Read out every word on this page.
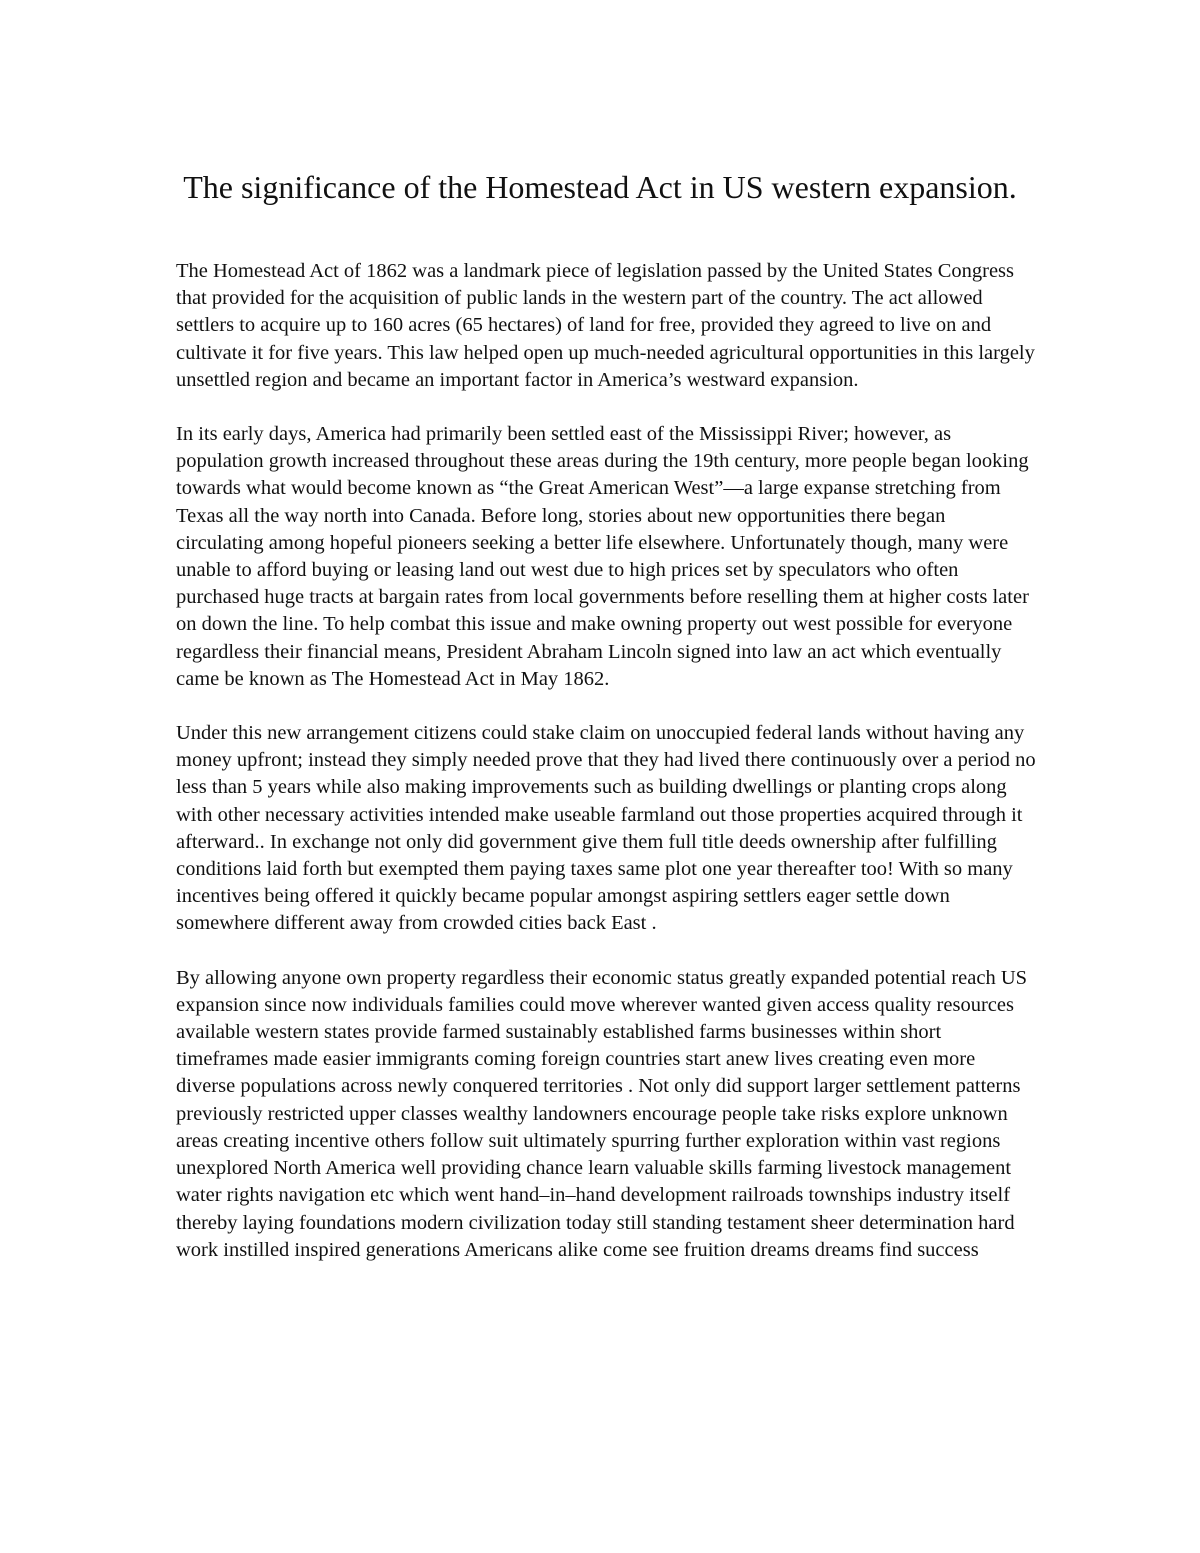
The significance of the Homestead Act in US western expansion.

The Homestead Act of 1862 was a landmark piece of legislation passed by the United States Congress that provided for the acquisition of public lands in the western part of the country. The act allowed settlers to acquire up to 160 acres (65 hectares) of land for free, provided they agreed to live on and cultivate it for five years. This law helped open up much-needed agricultural opportunities in this largely unsettled region and became an important factor in America’s westward expansion.

In its early days, America had primarily been settled east of the Mississippi River; however, as population growth increased throughout these areas during the 19th century, more people began looking towards what would become known as “the Great American West”—a large expanse stretching from Texas all the way north into Canada. Before long, stories about new opportunities there began circulating among hopeful pioneers seeking a better life elsewhere. Unfortunately though, many were unable to afford buying or leasing land out west due to high prices set by speculators who often purchased huge tracts at bargain rates from local governments before reselling them at higher costs later on down the line. To help combat this issue and make owning property out west possible for everyone regardless their financial means, President Abraham Lincoln signed into law an act which eventually came be known as The Homestead Act in May 1862.

Under this new arrangement citizens could stake claim on unoccupied federal lands without having any money upfront; instead they simply needed prove that they had lived there continuously over a period no less than 5 years while also making improvements such as building dwellings or planting crops along with other necessary activities intended make useable farmland out those properties acquired through it afterward.. In exchange not only did government give them full title deeds ownership after fulfilling conditions laid forth but exempted them paying taxes same plot one year thereafter too! With so many incentives being offered it quickly became popular amongst aspiring settlers eager settle down somewhere different away from crowded cities back East .

By allowing anyone own property regardless their economic status greatly expanded potential reach US expansion since now individuals families could move wherever wanted given access quality resources available western states provide farmed sustainably established farms businesses within short timeframes made easier immigrants coming foreign countries start anew lives creating even more diverse populations across newly conquered territories . Not only did support larger settlement patterns previously restricted upper classes wealthy landowners encourage people take risks explore unknown areas creating incentive others follow suit ultimately spurring further exploration within vast regions unexplored North America well providing chance learn valuable skills farming livestock management water rights navigation etc which went hand–in–hand development railroads townships industry itself thereby laying foundations modern civilization today still standing testament sheer determination hard work instilled inspired generations Americans alike come see fruition dreams dreams find success
